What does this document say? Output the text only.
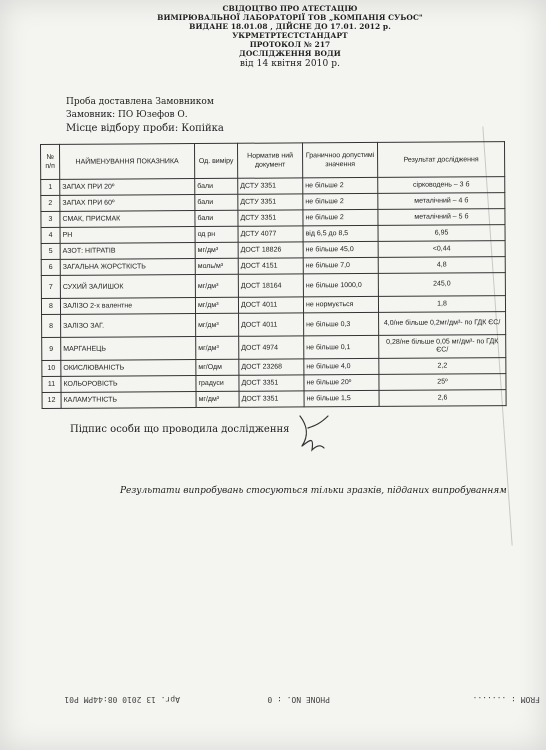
СВІДОЦТВО ПРО АТЕСТАЦІЮ
ВИМІРЮВАЛЬНОЇ ЛАБОРАТОРІЇ ТОВ „КОМПАНІЯ СУЬОС"
ВИДАНЕ 18.01.08 , ДІЙСНЕ ДО 17.01. 2012 р.
УКРМЕТРТЕСТСТАНДАРТ
ПРОТОКОЛ № 217
ДОСЛІДЖЕННЯ ВОДИ
від 14 квітня 2010 р.
Проба доставлена Замовником
Замовник: ПО Юзефов О.
Місце відбору проби: Копійка
№ п/п	НАЙМЕНУВАННЯ ПОКАЗНИКА	Од. виміру	Норматив ний документ	Граничноо допустимі значення	Результат дослідження
1	ЗАПАХ ПРИ 20º	бали	ДСТУ 3351	не більше 2	сірководень – 3 б
2	ЗАПАХ ПРИ 60º	бали	ДСТУ 3351	не більше 2	металічний – 4 б
3	СМАК, ПРИСМАК	бали	ДСТУ 3351	не більше 2	металічний – 5 б
4	РН	од рн	ДСТУ 4077	від 6,5 до 8,5	6,95
5	АЗОТ: НІТРАТІВ	мг/дм³	ДОСТ 18826	не більше 45,0	<0,44
6	ЗАГАЛЬНА ЖОРСТКІСТЬ	моль/м³	ДОСТ 4151	не більше 7,0	4,8
7	СУХИЙ ЗАЛИШОК	мг/дм³	ДОСТ 18164	не більше 1000,0	245,0
8	ЗАЛІЗО 2-х валентне	мг/дм³	ДОСТ 4011	не нормується	1,8
8	ЗАЛІЗО ЗАГ.	мг/дм³	ДОСТ 4011	не більше 0,3	4,0/не більше 0,2мг/дм³- по ГДК ЄС/
9	МАРГАНЕЦЬ	мг/дм³	ДОСТ 4974	не більше 0,1	0,28/не більше 0,05 мг/дм³- по ГДК ЄС/
10	ОКИСЛЮВАНІСТЬ	мг/Одм	ДОСТ 23268	не більше 4,0	2,2
11	КОЛЬОРОВІСТЬ	градуси	ДОСТ 3351	не більше 20º	25º
12	КАЛАМУТНІСТЬ	мг/дм³	ДОСТ 3351	не більше 1,5	2,6
Підпис особи що проводила дослідження
Результати випробувань стосуються тільки зразків, підданих випробуванням
FROM : .......
PHONE NO. : 0
Apr. 13 2010 08:44PM P01
